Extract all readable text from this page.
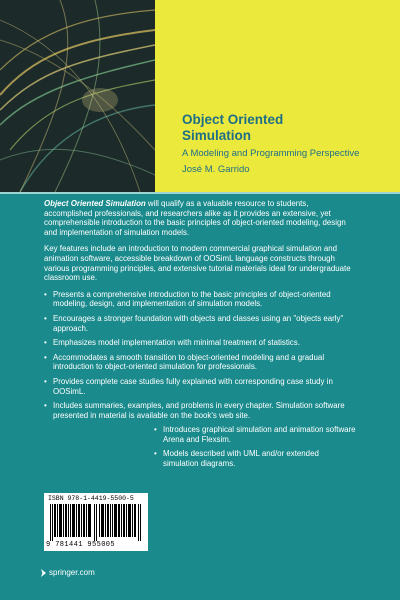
Object Oriented
Simulation

A Modeling and Programming Perspective

José M. Garrido

Object Oriented Simulation will qualify as a valuable resource to students, accomplished professionals, and researchers alike as it provides an extensive, yet comprehensible introduction to the basic principles of object-oriented modeling, design and implementation of simulation models.

Key features include an introduction to modern commercial graphical simulation and animation software, accessible breakdown of OOSimL language constructs through various programming principles, and extensive tutorial materials ideal for undergraduate classroom use.

• Presents a comprehensive introduction to the basic principles of object-oriented modeling, design, and implementation of simulation models.
• Encourages a stronger foundation with objects and classes using an "objects early" approach.
• Emphasizes model implementation with minimal treatment of statistics.
• Accommodates a smooth transition to object-oriented modeling and a gradual introduction to object-oriented simulation for professionals.
• Provides complete case studies fully explained with corresponding case study in OOSimL.
• Includes summaries, examples, and problems in every chapter. Simulation software presented in material is available on the book's web site.
• Introduces graphical simulation and animation software Arena and Flexsim.
• Models described with UML and/or extended simulation diagrams.

ISBN 978-1-4419-5500-5

9 781441 955005

springer.com
